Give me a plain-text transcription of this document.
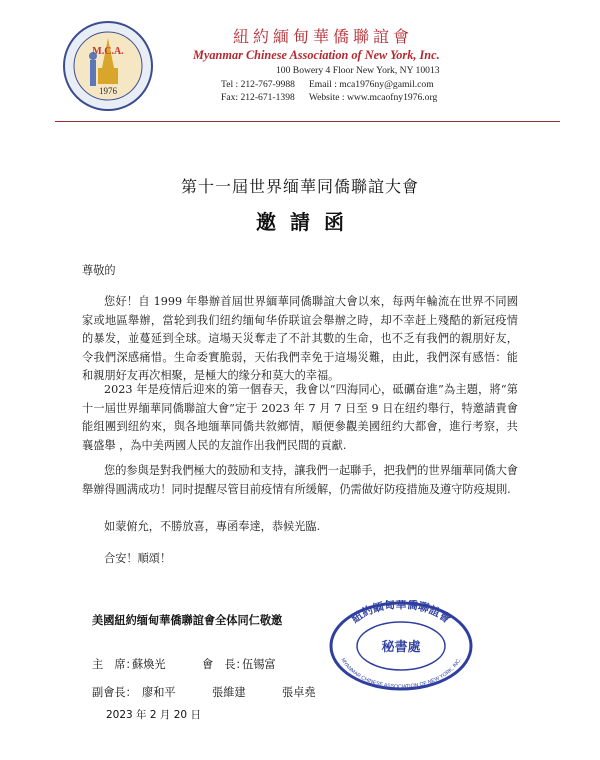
M.C.A.
1976
紐約緬甸華僑聯誼會
Myanmar Chinese Association of New York, Inc.
100 Bowery 4 Floor New York, NY 10013
Tel : 212-767-9988 Email : mca1976ny@gamil.com
Fax: 212-671-1398 Website : www.mcaofny1976.org
第十一屆世界缅華同僑聯誼大會
邀請函
尊敬的
您好！自 1999 年舉辦首屆世界緬華同僑聯誼大會以來，每两年輪流在世界不同國家或地區舉辦，當轮到我们纽约缅甸华侨联谊会舉辦之時，却不幸赶上殘酷的新冠疫情的暴发，並蔓延到全球。這場天災奪走了不計其數的生命，也不乏有我們的親朋好友，令我們深感痛惜。生命委實脆弱，天佑我們幸免于這場災難，由此，我們深有感悟：能和親朋好友再次相聚，是極大的缘分和莫大的幸福。
2023 年是疫情后迎來的第一個春天，我會以“四海同心，砥礪奋進”為主題，將“第十一屆世界缅華同僑聯誼大會”定于 2023 年 7 月 7 日至 9 日在纽约舉行，特邀請貴會能组團到纽約來，與各地缅華同僑共敘鄉情，順便參觀美國纽约大都會，進行考察，共襄盛舉 ，為中美两國人民的友誼作出我們民間的貢獻.
您的参與是對我們極大的鼓励和支持，讓我們一起聯手，把我們的世界缅華同僑大會舉辦得圓满成功！同时提醒尽管目前疫情有所缓解，仍需做好防疫措施及遵守防疫規則.
如蒙俯允，不勝放喜，專函奉達，恭候光臨.
合安！順頌！
美國紐約缅甸華僑聯誼會全体同仁敬邀
主　席：蘇煥光	會　長：伍锡富
副會長： 廖和平	張維建	張卓堯
2023 年 2 月 20 日
紐約緬甸華僑聯誼會
MYANMAR CHINESE ASSOCIATION OF NEW YORK, INC.
秘書處
